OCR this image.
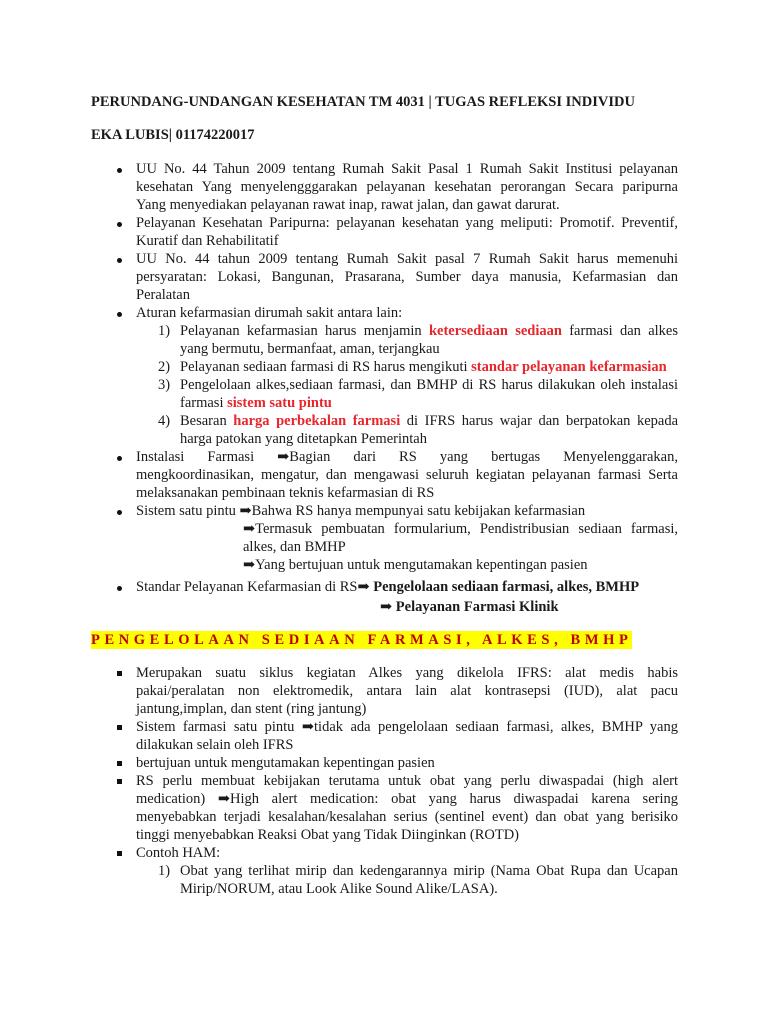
PERUNDANG-UNDANGAN KESEHATAN TM 4031 | TUGAS REFLEKSI INDIVIDU
EKA LUBIS| 01174220017
UU No. 44 Tahun 2009 tentang Rumah Sakit Pasal 1 Rumah Sakit Institusi pelayanan
kesehatan Yang menyelengggarakan pelayanan kesehatan perorangan Secara paripurna
Yang menyediakan pelayanan rawat inap, rawat jalan, dan gawat darurat.
Pelayanan Kesehatan Paripurna: pelayanan kesehatan yang meliputi: Promotif. Preventif,
Kuratif dan Rehabilitatif
UU No. 44 tahun 2009 tentang Rumah Sakit pasal 7 Rumah Sakit harus memenuhi
persyaratan: Lokasi, Bangunan, Prasarana, Sumber daya manusia, Kefarmasian dan
Peralatan
Aturan kefarmasian dirumah sakit antara lain:
1) Pelayanan kefarmasian harus menjamin ketersediaan sediaan farmasi dan alkes
yang bermutu, bermanfaat, aman, terjangkau
2) Pelayanan sediaan farmasi di RS harus mengikuti standar pelayanan kefarmasian
3) Pengelolaan alkes,sediaan farmasi, dan BMHP di RS harus dilakukan oleh instalasi
farmasi sistem satu pintu
4) Besaran harga perbekalan farmasi di IFRS harus wajar dan berpatokan kepada
harga patokan yang ditetapkan Pemerintah
Instalasi Farmasi ➡Bagian dari RS yang bertugas Menyelenggarakan,
mengkoordinasikan, mengatur, dan mengawasi seluruh kegiatan pelayanan farmasi Serta
melaksanakan pembinaan teknis kefarmasian di RS
Sistem satu pintu ➡Bahwa RS hanya mempunyai satu kebijakan kefarmasian
➡Termasuk pembuatan formularium, Pendistribusian sediaan farmasi,
alkes, dan BMHP
➡Yang bertujuan untuk mengutamakan kepentingan pasien
Standar Pelayanan Kefarmasian di RS➡ Pengelolaan sediaan farmasi, alkes, BMHP
➡ Pelayanan Farmasi Klinik
PENGELOLAAN SEDIAAN FARMASI, ALKES, BMHP
Merupakan suatu siklus kegiatan Alkes yang dikelola IFRS: alat medis habis
pakai/peralatan non elektromedik, antara lain alat kontrasepsi (IUD), alat pacu
jantung,implan, dan stent (ring jantung)
Sistem farmasi satu pintu ➡tidak ada pengelolaan sediaan farmasi, alkes, BMHP yang
dilakukan selain oleh IFRS
bertujuan untuk mengutamakan kepentingan pasien
RS perlu membuat kebijakan terutama untuk obat yang perlu diwaspadai (high alert
medication) ➡High alert medication: obat yang harus diwaspadai karena sering
menyebabkan terjadi kesalahan/kesalahan serius (sentinel event) dan obat yang berisiko
tinggi menyebabkan Reaksi Obat yang Tidak Diinginkan (ROTD)
Contoh HAM:
1) Obat yang terlihat mirip dan kedengarannya mirip (Nama Obat Rupa dan Ucapan
Mirip/NORUM, atau Look Alike Sound Alike/LASA).
